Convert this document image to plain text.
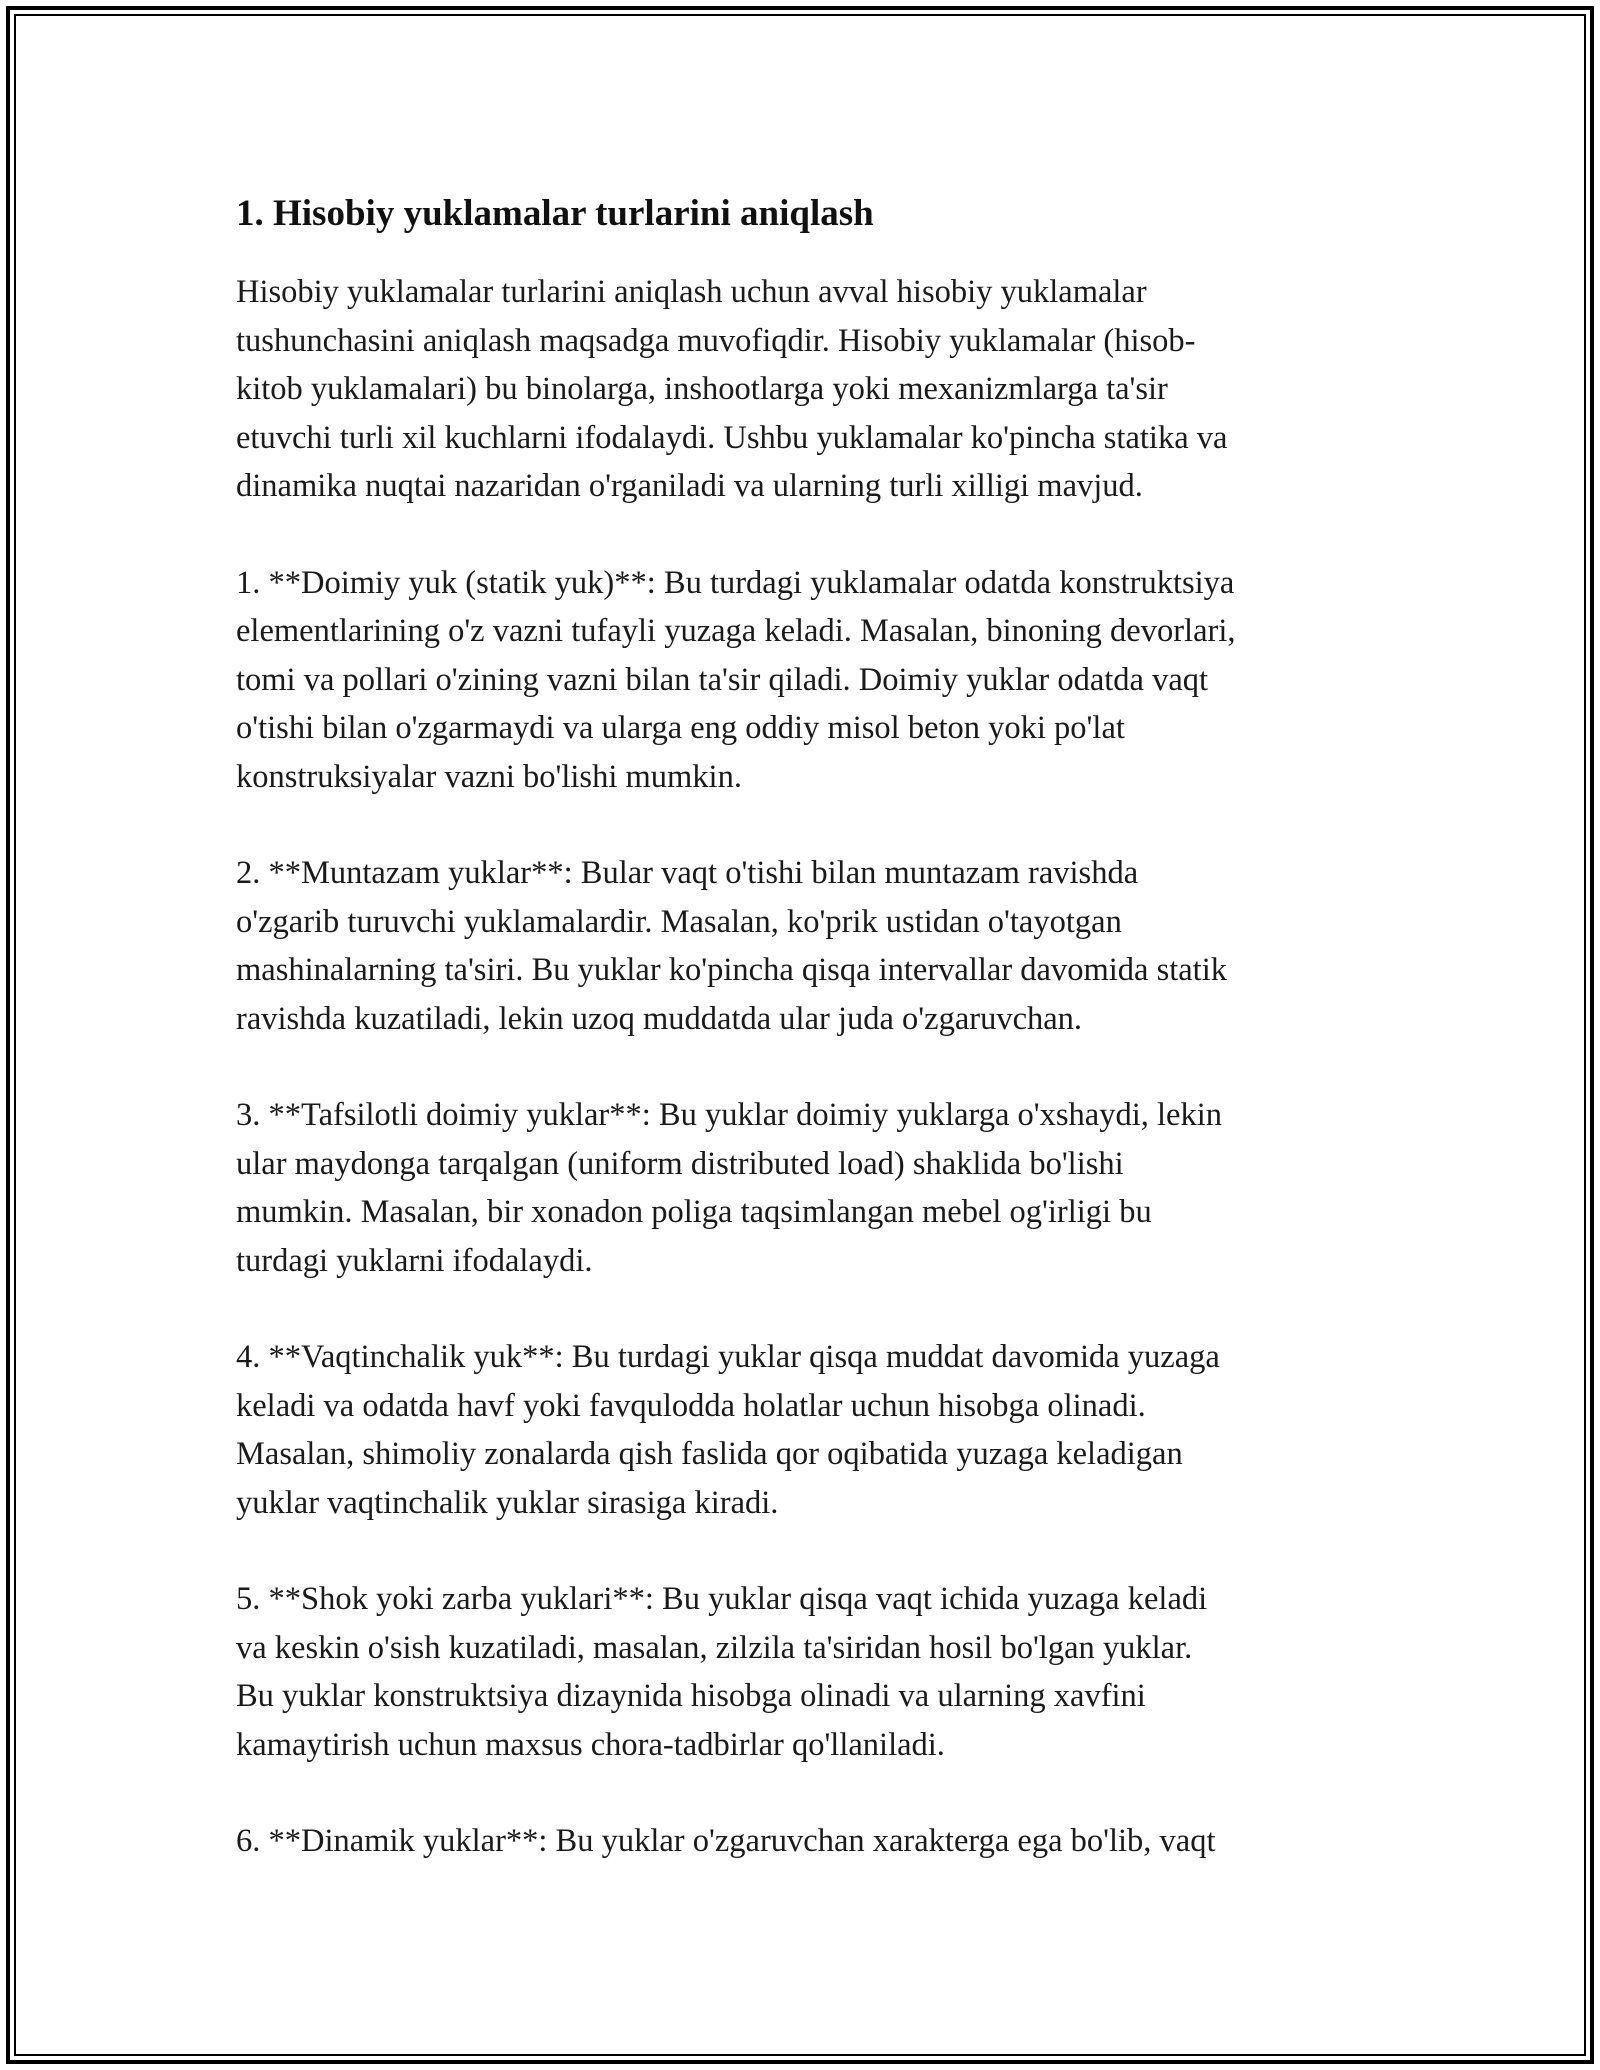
1. Hisobiy yuklamalar turlarini aniqlash

Hisobiy yuklamalar turlarini aniqlash uchun avval hisobiy yuklamalar
tushunchasini aniqlash maqsadga muvofiqdir. Hisobiy yuklamalar (hisob-
kitob yuklamalari) bu binolarga, inshootlarga yoki mexanizmlarga ta'sir
etuvchi turli xil kuchlarni ifodalaydi. Ushbu yuklamalar ko'pincha statika va
dinamika nuqtai nazaridan o'rganiladi va ularning turli xilligi mavjud.

1. **Doimiy yuk (statik yuk)**: Bu turdagi yuklamalar odatda konstruktsiya
elementlarining o'z vazni tufayli yuzaga keladi. Masalan, binoning devorlari,
tomi va pollari o'zining vazni bilan ta'sir qiladi. Doimiy yuklar odatda vaqt
o'tishi bilan o'zgarmaydi va ularga eng oddiy misol beton yoki po'lat
konstruksiyalar vazni bo'lishi mumkin.

2. **Muntazam yuklar**: Bular vaqt o'tishi bilan muntazam ravishda
o'zgarib turuvchi yuklamalardir. Masalan, ko'prik ustidan o'tayotgan
mashinalarning ta'siri. Bu yuklar ko'pincha qisqa intervallar davomida statik
ravishda kuzatiladi, lekin uzoq muddatda ular juda o'zgaruvchan.

3. **Tafsilotli doimiy yuklar**: Bu yuklar doimiy yuklarga o'xshaydi, lekin
ular maydonga tarqalgan (uniform distributed load) shaklida bo'lishi
mumkin. Masalan, bir xonadon poliga taqsimlangan mebel og'irligi bu
turdagi yuklarni ifodalaydi.

4. **Vaqtinchalik yuk**: Bu turdagi yuklar qisqa muddat davomida yuzaga
keladi va odatda havf yoki favqulodda holatlar uchun hisobga olinadi.
Masalan, shimoliy zonalarda qish faslida qor oqibatida yuzaga keladigan
yuklar vaqtinchalik yuklar sirasiga kiradi.

5. **Shok yoki zarba yuklari**: Bu yuklar qisqa vaqt ichida yuzaga keladi
va keskin o'sish kuzatiladi, masalan, zilzila ta'siridan hosil bo'lgan yuklar.
Bu yuklar konstruktsiya dizaynida hisobga olinadi va ularning xavfini
kamaytirish uchun maxsus chora-tadbirlar qo'llaniladi.

6. **Dinamik yuklar**: Bu yuklar o'zgaruvchan xarakterga ega bo'lib, vaqt
